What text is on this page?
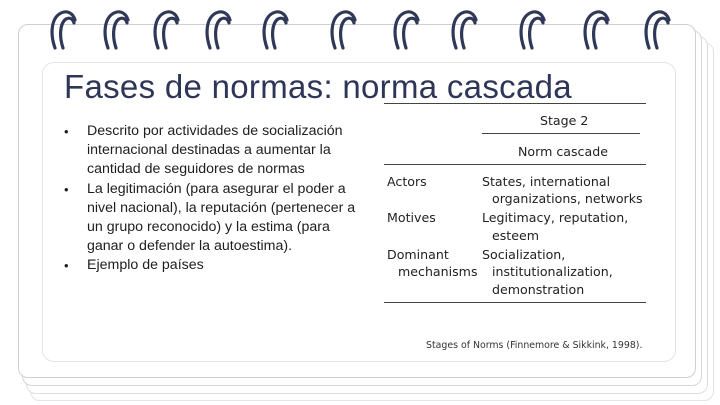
Fases de normas: norma cascada
• Descrito por actividades de socialización internacional destinadas a aumentar la cantidad de seguidores de normas
• La legitimación (para asegurar el poder a nivel nacional), la reputación (pertenecer a un grupo reconocido) y la estima (para ganar o defender la autoestima).
• Ejemplo de países
Stage 2
Norm cascade
Actors	States, international
organizations, networks
Motives	Legitimacy, reputation,
esteem
Dominant
mechanisms
Socialization,
institutionalization,
demonstration
Stages of Norms (Finnemore & Sikkink, 1998).
